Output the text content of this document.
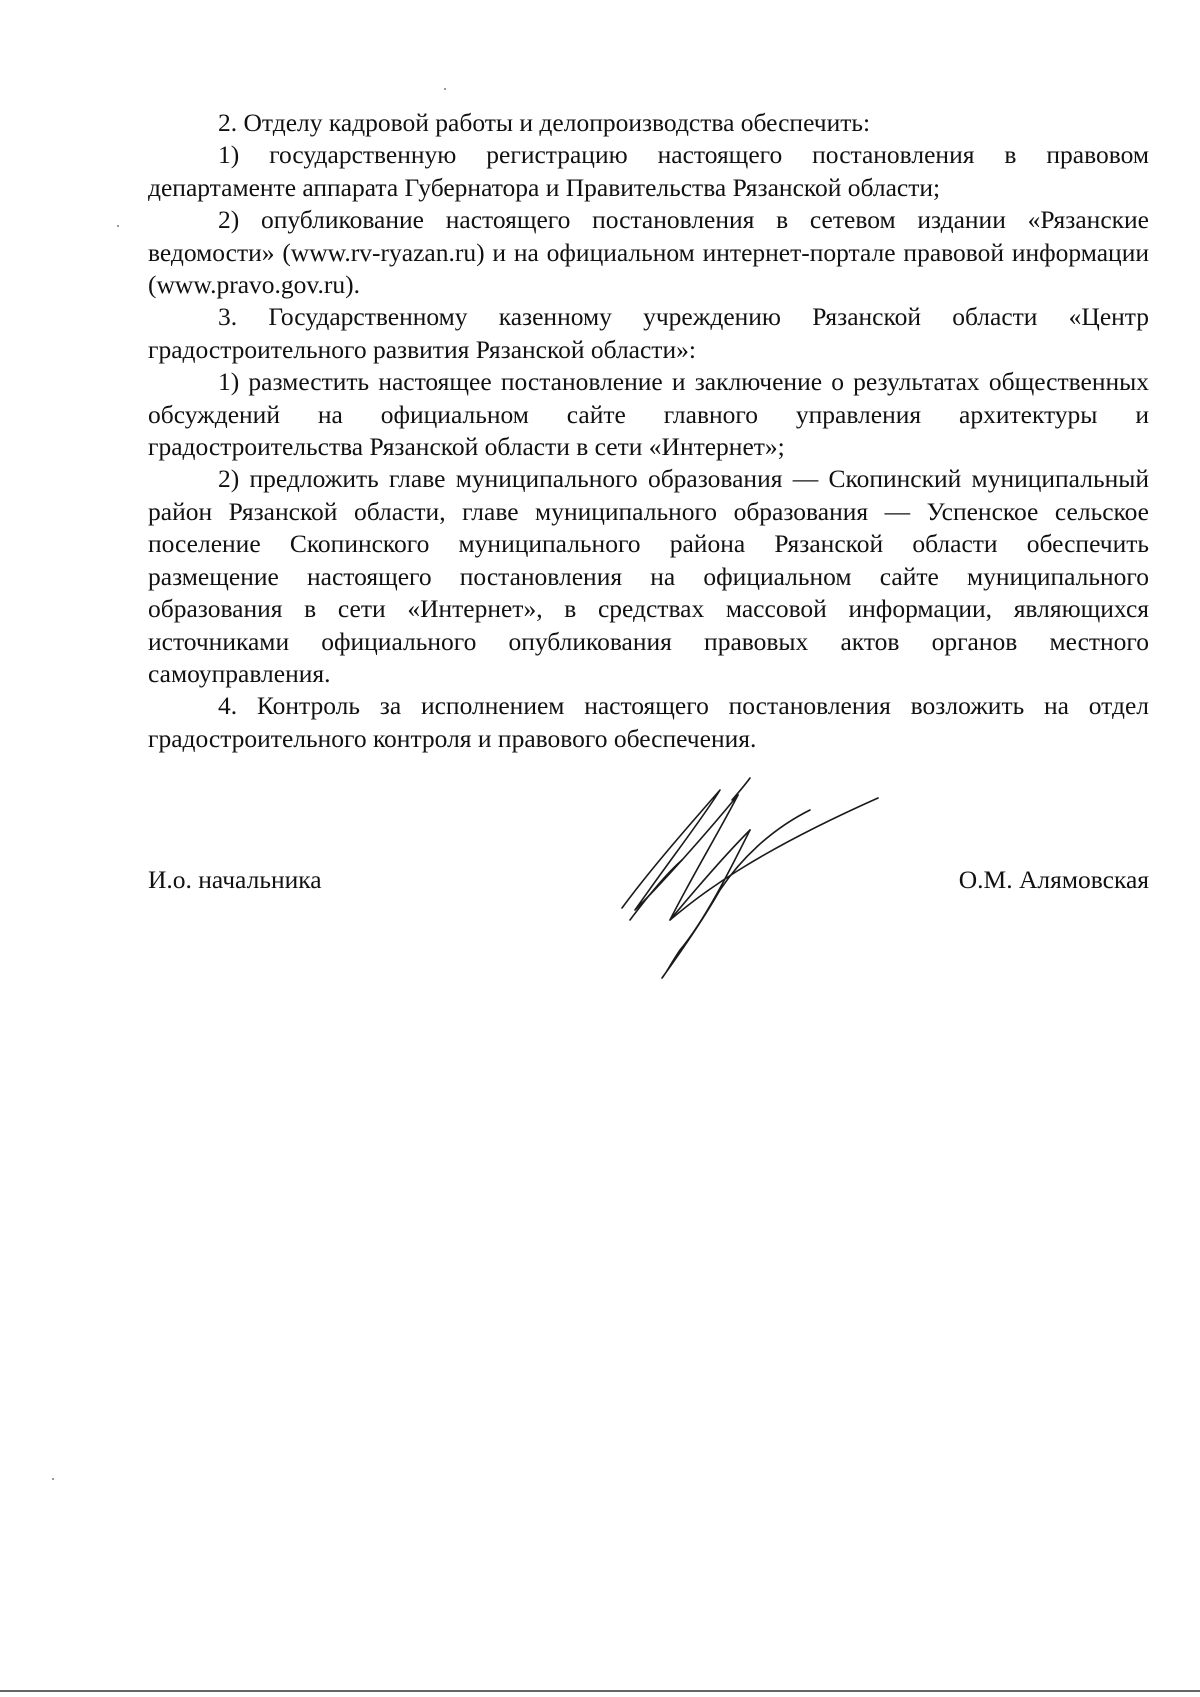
2. Отделу кадровой работы и делопроизводства обеспечить:

1) государственную регистрацию настоящего постановления в правовом департаменте аппарата Губернатора и Правительства Рязанской области;

2) опубликование настоящего постановления в сетевом издании «Рязанские ведомости» (www.rv-ryazan.ru) и на официальном интернет-портале правовой информации (www.pravo.gov.ru).

3. Государственному казенному учреждению Рязанской области «Центр градостроительного развития Рязанской области»:

1) разместить настоящее постановление и заключение о результатах общественных обсуждений на официальном сайте главного управления архитектуры и градостроительства Рязанской области в сети «Интернет»;

2) предложить главе муниципального образования — Скопинский муниципальный район Рязанской области, главе муниципального образования — Успенское сельское поселение Скопинского муниципального района Рязанской области обеспечить размещение настоящего постановления на официальном сайте муниципального образования в сети «Интернет», в средствах массовой информации, являющихся источниками официального опубликования правовых актов органов местного самоуправления.

4. Контроль за исполнением настоящего постановления возложить на отдел градостроительного контроля и правового обеспечения.

И.о. начальника	О.М. Алямовская
